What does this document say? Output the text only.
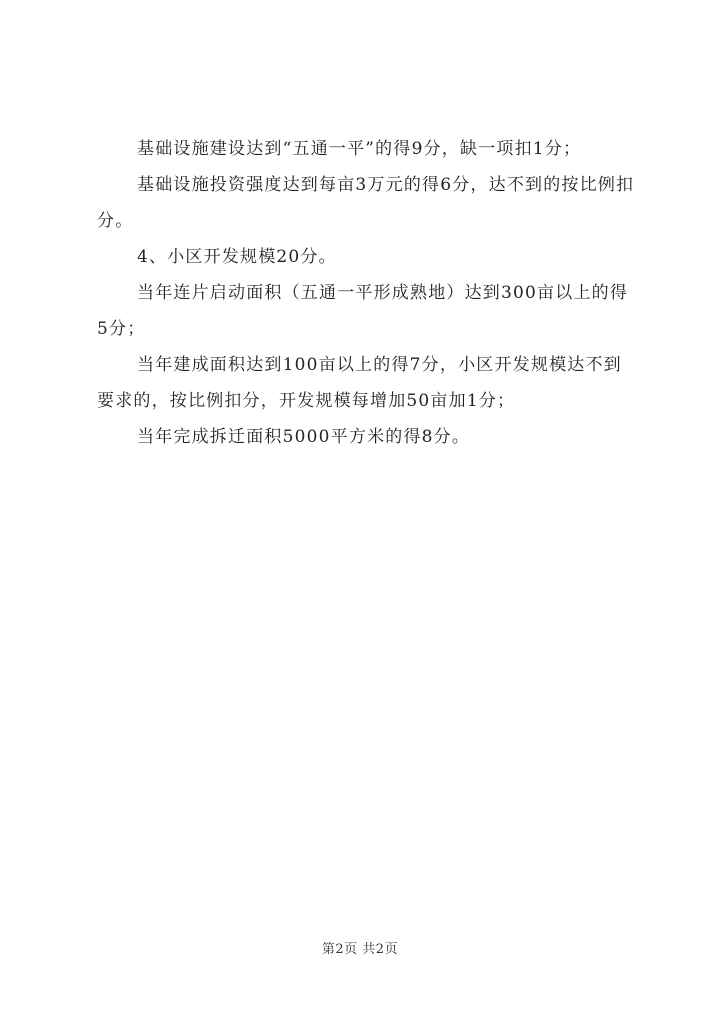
基础设施建设达到“五通一平”的得9分，缺一项扣1分；

基础设施投资强度达到每亩3万元的得6分，达不到的按比例扣分。

4、小区开发规模20分。

当年连片启动面积（五通一平形成熟地）达到300亩以上的得5分；

当年建成面积达到100亩以上的得7分，小区开发规模达不到要求的，按比例扣分，开发规模每增加50亩加1分；

当年完成拆迁面积5000平方米的得8分。

第2页 共2页
